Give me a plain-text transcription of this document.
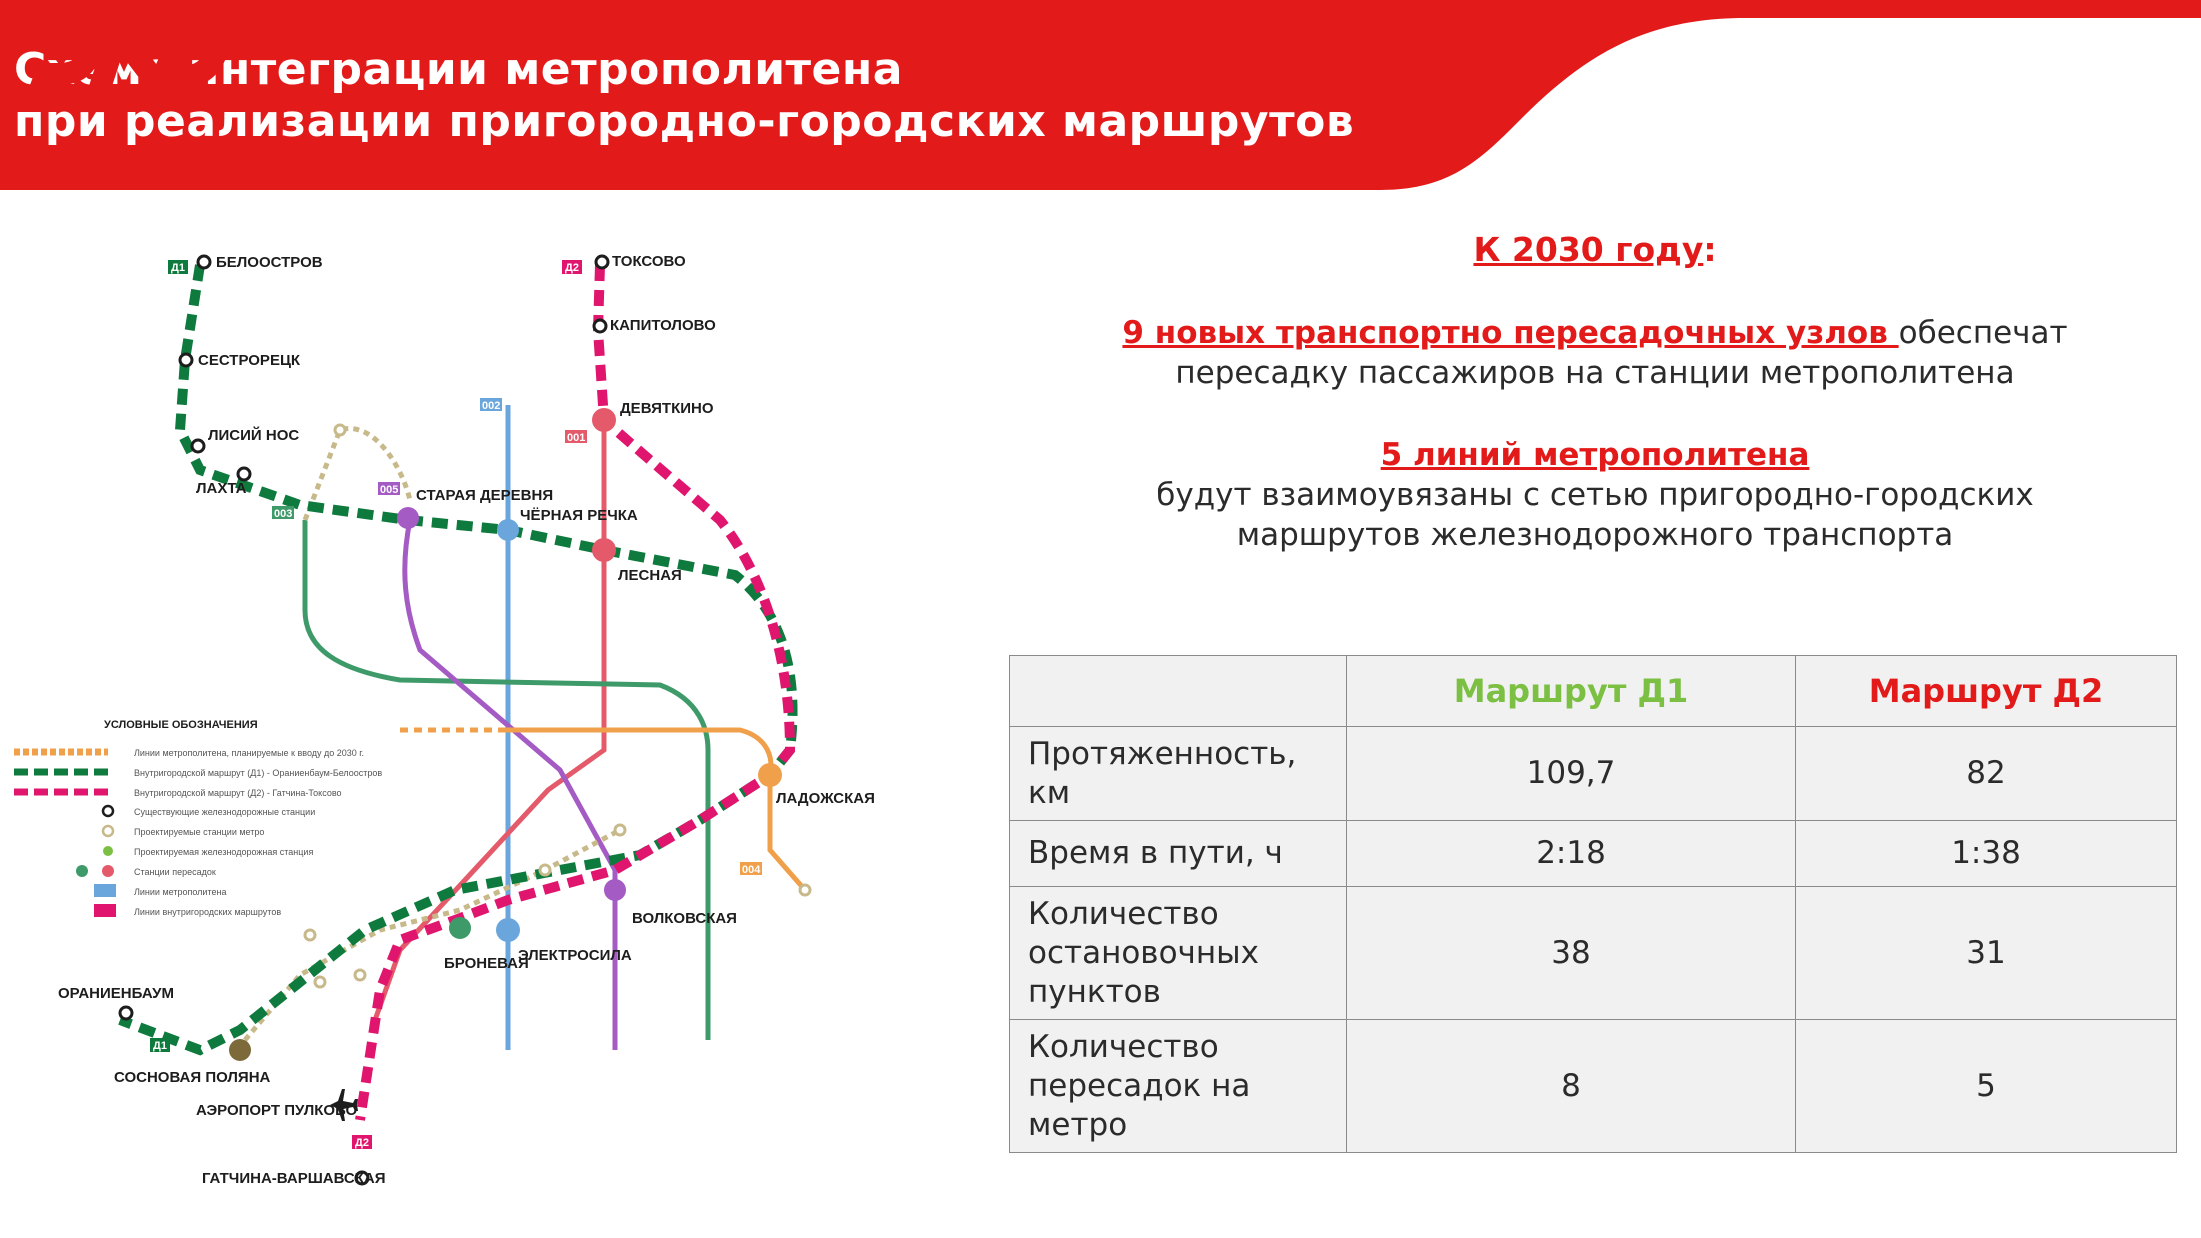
Схема интеграции метрополитена
при реализации пригородно-городских маршрутов
Д1	Д2
002
001
005
003
004
Д1
Д2
БЕЛООСТРОВ
СЕСТРОРЕЦК
ЛИСИЙ НОС
ЛАХТА
ТОКСОВО
КАПИТОЛОВО
ДЕВЯТКИНО
СТАРАЯ ДЕРЕВНЯ
ЧЁРНАЯ РЕЧКА
ЛЕСНАЯ
ЛАДОЖСКАЯ
ВОЛКОВСКАЯ
ЭЛЕКТРОСИЛА
БРОНЕВАЯ
ОРАНИЕНБАУМ
СОСНОВАЯ ПОЛЯНА
АЭРОПОРТ ПУЛКОВО
ГАТЧИНА-ВАРШАВСКАЯ
УСЛОВНЫЕ ОБОЗНАЧЕНИЯ
Линии метрополитена, планируемые к вводу до 2030 г.
Внутригородской маршрут (Д1) - Ораниенбаум-Белоостров
Внутригородской маршрут (Д2) - Гатчина-Токсово
Существующие железнодорожные станции
Проектируемые станции метро
Проектируемая железнодорожная станция
Станции пересадок
Линии метрополитена
Линии внутригородских маршрутов
К 2030 году:
9 новых транспортно пересадочных узлов обеспечат
пересадку пассажиров на станции метрополитена
5 линий метрополитена
будут взаимоувязаны с сетью пригородно-городских
маршрутов железнодорожного транспорта
	Маршрут Д1	Маршрут Д2
Протяженность,
км	109,7	82
Время в пути, ч	2:18	1:38
Количество
остановочных
пунктов	38	31
Количество
пересадок на
метро	8	5
